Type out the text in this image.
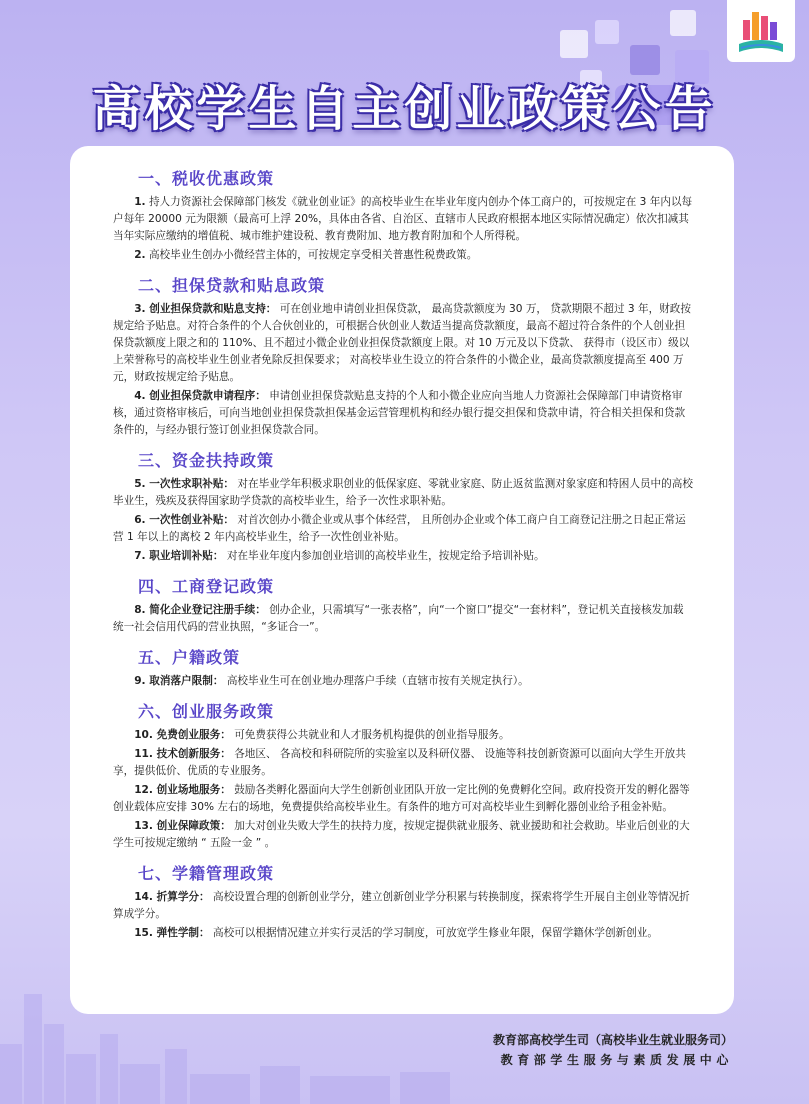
高校学生自主创业政策公告
一、税收优惠政策

1. 持人力资源社会保障部门核发《就业创业证》的高校毕业生在毕业年度内创办个体工商户的，可按规定在 3 年内以每户每年 20000 元为限额（最高可上浮 20%，具体由各省、自治区、直辖市人民政府根据本地区实际情况确定）依次扣减其当年实际应缴纳的增值税、城市维护建设税、教育费附加、地方教育附加和个人所得税。

2. 高校毕业生创办小微经营主体的，可按规定享受相关普惠性税费政策。

二、担保贷款和贴息政策

3. 创业担保贷款和贴息支持： 可在创业地申请创业担保贷款， 最高贷款额度为 30 万， 贷款期限不超过 3 年，财政按规定给予贴息。对符合条件的个人合伙创业的，可根据合伙创业人数适当提高贷款额度，最高不超过符合条件的个人创业担保贷款额度上限之和的 110%、且不超过小微企业创业担保贷款额度上限。对 10 万元及以下贷款、 获得市（设区市）级以上荣誉称号的高校毕业生创业者免除反担保要求； 对高校毕业生设立的符合条件的小微企业，最高贷款额度提高至 400 万元，财政按规定给予贴息。

4. 创业担保贷款申请程序： 申请创业担保贷款贴息支持的个人和小微企业应向当地人力资源社会保障部门申请资格审核，通过资格审核后，可向当地创业担保贷款担保基金运营管理机构和经办银行提交担保和贷款申请，符合相关担保和贷款条件的，与经办银行签订创业担保贷款合同。

三、资金扶持政策

5. 一次性求职补贴： 对在毕业学年积极求职创业的低保家庭、零就业家庭、防止返贫监测对象家庭和特困人员中的高校毕业生，残疾及获得国家助学贷款的高校毕业生，给予一次性求职补贴。

6. 一次性创业补贴： 对首次创办小微企业或从事个体经营， 且所创办企业或个体工商户自工商登记注册之日起正常运营 1 年以上的离校 2 年内高校毕业生，给予一次性创业补贴。

7. 职业培训补贴： 对在毕业年度内参加创业培训的高校毕业生，按规定给予培训补贴。

四、工商登记政策

8. 简化企业登记注册手续： 创办企业，只需填写“一张表格”，向“一个窗口”提交“一套材料”，登记机关直接核发加载统一社会信用代码的营业执照，“多证合一”。

五、户籍政策

9. 取消落户限制： 高校毕业生可在创业地办理落户手续（直辖市按有关规定执行）。

六、创业服务政策

10. 免费创业服务： 可免费获得公共就业和人才服务机构提供的创业指导服务。

11. 技术创新服务： 各地区、 各高校和科研院所的实验室以及科研仪器、 设施等科技创新资源可以面向大学生开放共享，提供低价、优质的专业服务。

12. 创业场地服务： 鼓励各类孵化器面向大学生创新创业团队开放一定比例的免费孵化空间。政府投资开发的孵化器等创业载体应安排 30% 左右的场地，免费提供给高校毕业生。有条件的地方可对高校毕业生到孵化器创业给予租金补贴。

13. 创业保障政策： 加大对创业失败大学生的扶持力度，按规定提供就业服务、就业援助和社会救助。毕业后创业的大学生可按规定缴纳 “ 五险一金 ” 。

七、学籍管理政策

14. 折算学分： 高校设置合理的创新创业学分，建立创新创业学分积累与转换制度，探索将学生开展自主创业等情况折算成学分。

15. 弹性学制： 高校可以根据情况建立并实行灵活的学习制度，可放宽学生修业年限，保留学籍休学创新创业。

教育部高校学生司（高校毕业生就业服务司）
教育部学生服务与素质发展中心
